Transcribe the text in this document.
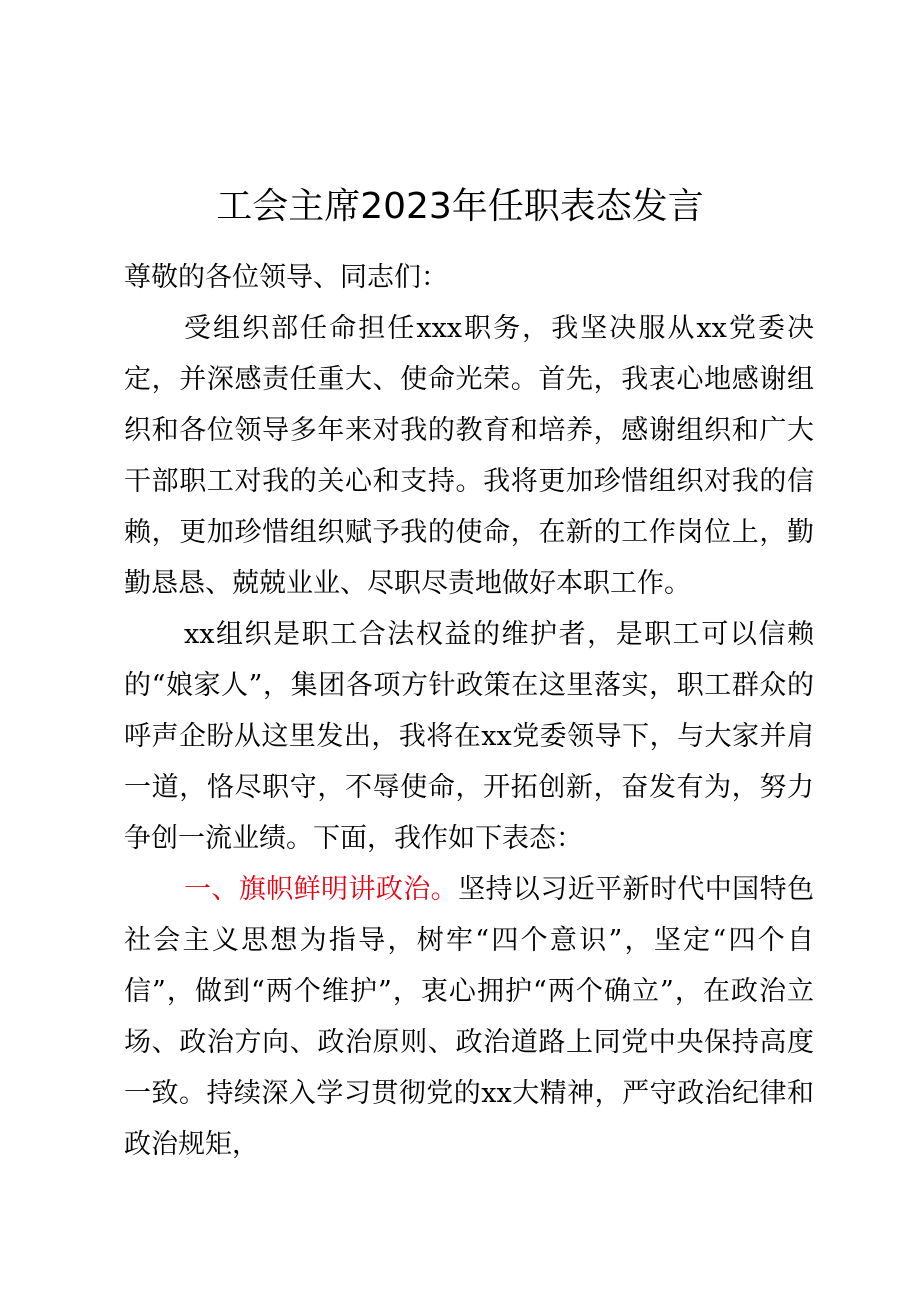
工会主席2023年任职表态发言

尊敬的各位领导、同志们：

受组织部任命担任xxx职务，我坚决服从xx党委决定，并深感责任重大、使命光荣。首先，我衷心地感谢组织和各位领导多年来对我的教育和培养，感谢组织和广大干部职工对我的关心和支持。我将更加珍惜组织对我的信赖，更加珍惜组织赋予我的使命，在新的工作岗位上，勤勤恳恳、兢兢业业、尽职尽责地做好本职工作。

xx组织是职工合法权益的维护者，是职工可以信赖的“娘家人”，集团各项方针政策在这里落实，职工群众的呼声企盼从这里发出，我将在xx党委领导下，与大家并肩一道，恪尽职守，不辱使命，开拓创新，奋发有为，努力争创一流业绩。下面，我作如下表态：

一、旗帜鲜明讲政治。坚持以习近平新时代中国特色社会主义思想为指导，树牢“四个意识”，坚定“四个自信”，做到“两个维护”，衷心拥护“两个确立”，在政治立场、政治方向、政治原则、政治道路上同党中央保持高度一致。持续深入学习贯彻党的xx大精神，严守政治纪律和政治规矩，
